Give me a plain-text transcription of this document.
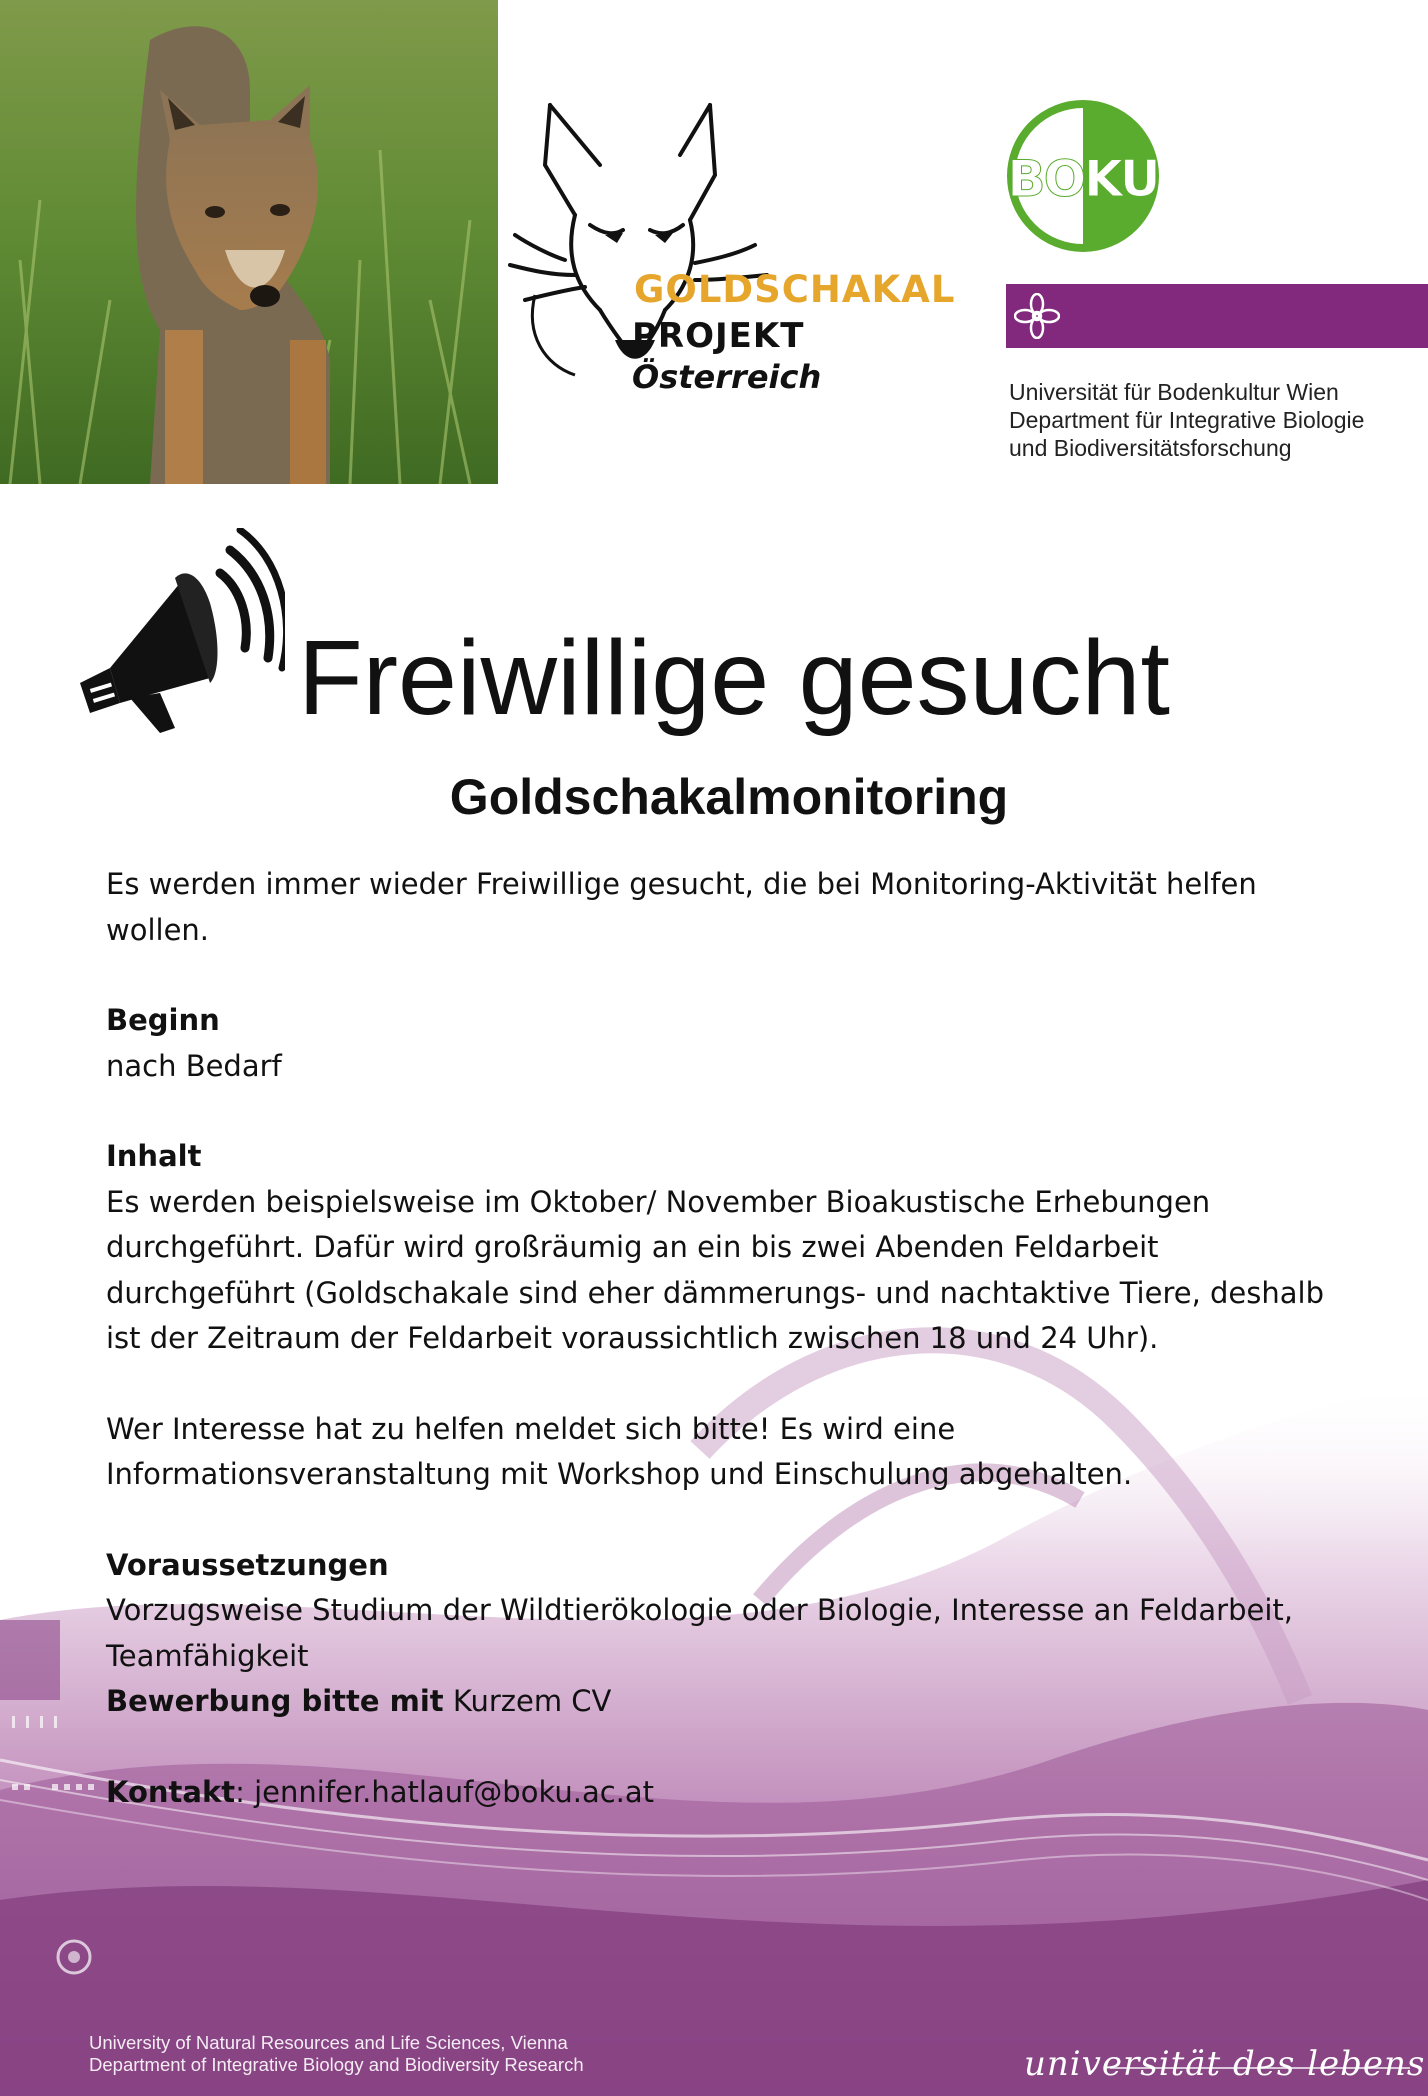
GOLDSCHAKAL
PROJEKT
Österreich
BOKU
Universität für Bodenkultur Wien
Department für Integrative Biologie
und Biodiversitätsforschung
Freiwillige gesucht
Goldschakalmonitoring

Es werden immer wieder Freiwillige gesucht, die bei Monitoring-Aktivität helfen wollen.

Beginn

nach Bedarf

Inhalt

Es werden beispielsweise im Oktober/ November Bioakustische Erhebungen durchgeführt. Dafür wird großräumig an ein bis zwei Abenden Feldarbeit durchgeführt (Goldschakale sind eher dämmerungs- und nachtaktive Tiere, deshalb ist der Zeitraum der Feldarbeit voraussichtlich zwischen 18 und 24 Uhr).

Wer Interesse hat zu helfen meldet sich bitte! Es wird eine Informationsveranstaltung mit Workshop und Einschulung abgehalten.

Voraussetzungen

Vorzugsweise Studium der Wildtierökologie oder Biologie, Interesse an Feldarbeit, Teamfähigkeit

Bewerbung bitte mit Kurzem CV

Kontakt: jennifer.hatlauf@boku.ac.at

University of Natural Resources and Life Sciences, Vienna
Department of Integrative Biology and Biodiversity Research	universität des lebens
